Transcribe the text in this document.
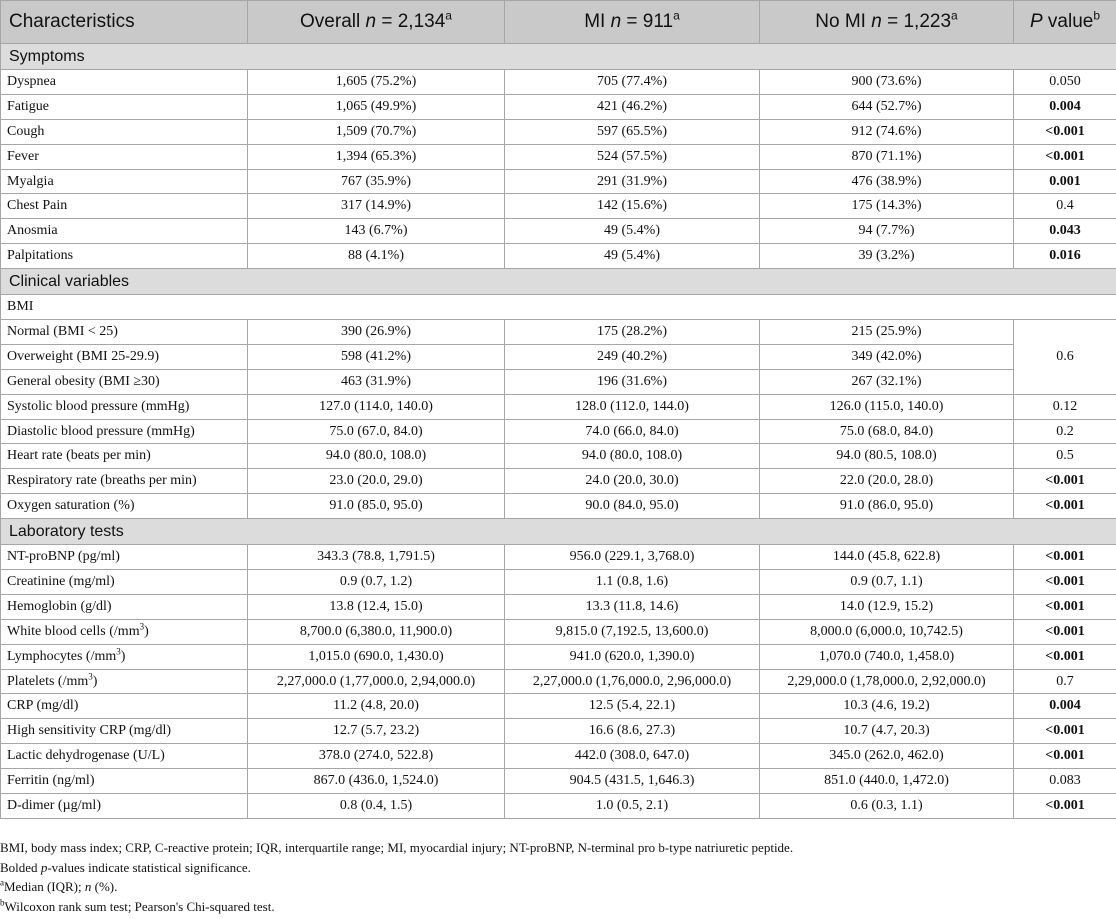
Characteristics	Overall n = 2,134$^a$	MI $n = 911^a$	No MI n = 1,223$^a$	P value$^b$
Symptoms				
Dyspnea	1,605 (75.2%)	705 (77.4%)	900 (73.6%)	0.050
Fatigue	1,065 (49.9%)	421 (46.2%)	644 (52.7%)	0.004
Cough	1,509 (70.7%)	597 (65.5%)	912 (74.6%)	<0.001
Fever	1,394 (65.3%)	524 (57.5%)	870 (71.1%)	<0.001
Myalgia	767 (35.9%)	291 (31.9%)	476 (38.9%)	0.001
Chest Pain	317 (14.9%)	142 (15.6%)	175 (14.3%)	0.4
Anosmia	143 (6.7%)	49 (5.4%)	94 (7.7%)	0.043
Palpitations	88 (4.1%)	49 (5.4%)	39 (3.2%)	0.016
Clinical variables				
BMI				
Normal (BMI < 25)	390 (26.9%)	175 (28.2%)	215 (25.9%)	0.6
Overweight (BMI 25-29.9)	598 (41.2%)	249 (40.2%)	349 (42.0%)	
General obesity (BMI ≥30)	463 (31.9%)	196 (31.6%)	267 (32.1%)	
Systolic blood pressure (mmHg)	127.0 (114.0, 140.0)	128.0 (112.0, 144.0)	126.0 (115.0, 140.0)	0.12
Diastolic blood pressure (mmHg)	75.0 (67.0, 84.0)	74.0 (66.0, 84.0)	75.0 (68.0, 84.0)	0.2
Heart rate (beats per min)	94.0 (80.0, 108.0)	94.0 (80.0, 108.0)	94.0 (80.5, 108.0)	0.5
Respiratory rate (breaths per min)	23.0 (20.0, 29.0)	24.0 (20.0, 30.0)	22.0 (20.0, 28.0)	<0.001
Oxygen saturation (%)	91.0 (85.0, 95.0)	90.0 (84.0, 95.0)	91.0 (86.0, 95.0)	<0.001
Laboratory tests				
NT-proBNP (pg/ml)	343.3 (78.8, 1,791.5)	956.0 (229.1, 3,768.0)	144.0 (45.8, 622.8)	<0.001
Creatinine (mg/ml)	0.9 (0.7, 1.2)	1.1 (0.8, 1.6)	0.9 (0.7, 1.1)	<0.001
Hemoglobin (g/dl)	13.8 (12.4, 15.0)	13.3 (11.8, 14.6)	14.0 (12.9, 15.2)	<0.001
White blood cells $(/mm^3)$	8,700.0 (6,380.0, 11,900.0)	9,815.0 (7,192.5, 13,600.0)	8,000.0 (6,000.0, 10,742.5)	<0.001
Lymphocytes $(/mm^3)$	1,015.0 (690.0, 1,430.0)	941.0 (620.0, 1,390.0)	1,070.0 (740.0, 1,458.0)	<0.001
Platelets $(/mm^3)$	2,27,000.0 (1,77,000.0, 2,94,000.0)	2,27,000.0 (1,76,000.0, 2,96,000.0)	2,29,000.0 (1,78,000.0, 2,92,000.0)	0.7
CRP (mg/dl)	11.2 (4.8, 20.0)	12.5 (5.4, 22.1)	10.3 (4.6, 19.2)	0.004
High sensitivity CRP (mg/dl)	12.7 (5.7, 23.2)	16.6 (8.6, 27.3)	10.7 (4.7, 20.3)	<0.001
Lactic dehydrogenase (U/L)	378.0 (274.0, 522.8)	442.0 (308.0, 647.0)	345.0 (262.0, 462.0)	<0.001
Ferritin (ng/ml)	867.0 (436.0, 1,524.0)	904.5 (431.5, 1,646.3)	851.0 (440.0, 1,472.0)	0.083
D-dimer (µg/ml)	0.8 (0.4, 1.5)	1.0 (0.5, 2.1)	0.6 (0.3, 1.1)	<0.001

BMI, body mass index; CRP, C-reactive protein; IQR, interquartile range; MI, myocardial injury; NT-proBNP, N-terminal pro b-type natriuretic peptide.

Bolded p-values indicate statistical significance.

$^a$Median (IQR); n (%).

$^b$Wilcoxon rank sum test; Pearson's Chi-squared test.
